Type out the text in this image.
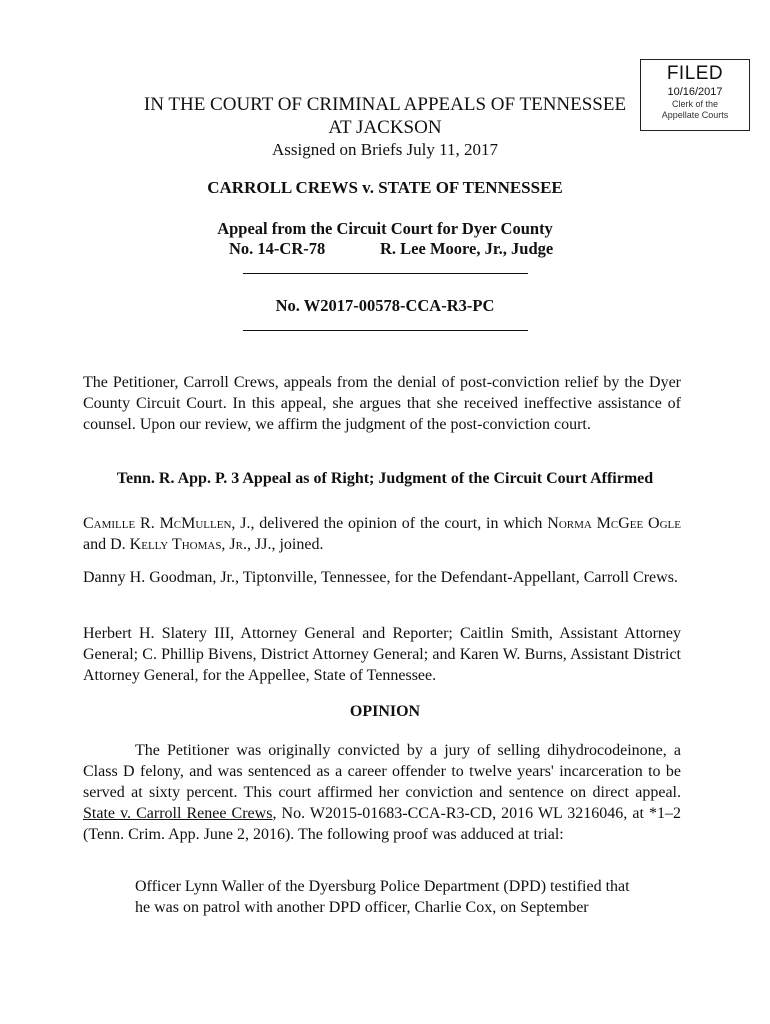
FILED
10/16/2017
Clerk of the
Appellate Courts
IN THE COURT OF CRIMINAL APPEALS OF TENNESSEE
AT JACKSON
Assigned on Briefs July 11, 2017
CARROLL CREWS v. STATE OF TENNESSEE
Appeal from the Circuit Court for Dyer County
No. 14-CR-78	R. Lee Moore, Jr., Judge
No. W2017-00578-CCA-R3-PC
The Petitioner, Carroll Crews, appeals from the denial of post-conviction relief by the Dyer County Circuit Court. In this appeal, she argues that she received ineffective assistance of counsel. Upon our review, we affirm the judgment of the post-conviction court.
Tenn. R. App. P. 3 Appeal as of Right; Judgment of the Circuit Court Affirmed
Camille R. McMullen, J., delivered the opinion of the court, in which Norma McGee Ogle and D. Kelly Thomas, Jr., JJ., joined.
Danny H. Goodman, Jr., Tiptonville, Tennessee, for the Defendant-Appellant, Carroll Crews.
Herbert H. Slatery III, Attorney General and Reporter; Caitlin Smith, Assistant Attorney General; C. Phillip Bivens, District Attorney General; and Karen W. Burns, Assistant District Attorney General, for the Appellee, State of Tennessee.
OPINION
The Petitioner was originally convicted by a jury of selling dihydrocodeinone, a Class D felony, and was sentenced as a career offender to twelve years' incarceration to be served at sixty percent. This court affirmed her conviction and sentence on direct appeal. State v. Carroll Renee Crews, No. W2015-01683-CCA-R3-CD, 2016 WL 3216046, at *1–2 (Tenn. Crim. App. June 2, 2016). The following proof was adduced at trial:
Officer Lynn Waller of the Dyersburg Police Department (DPD) testified that he was on patrol with another DPD officer, Charlie Cox, on September
